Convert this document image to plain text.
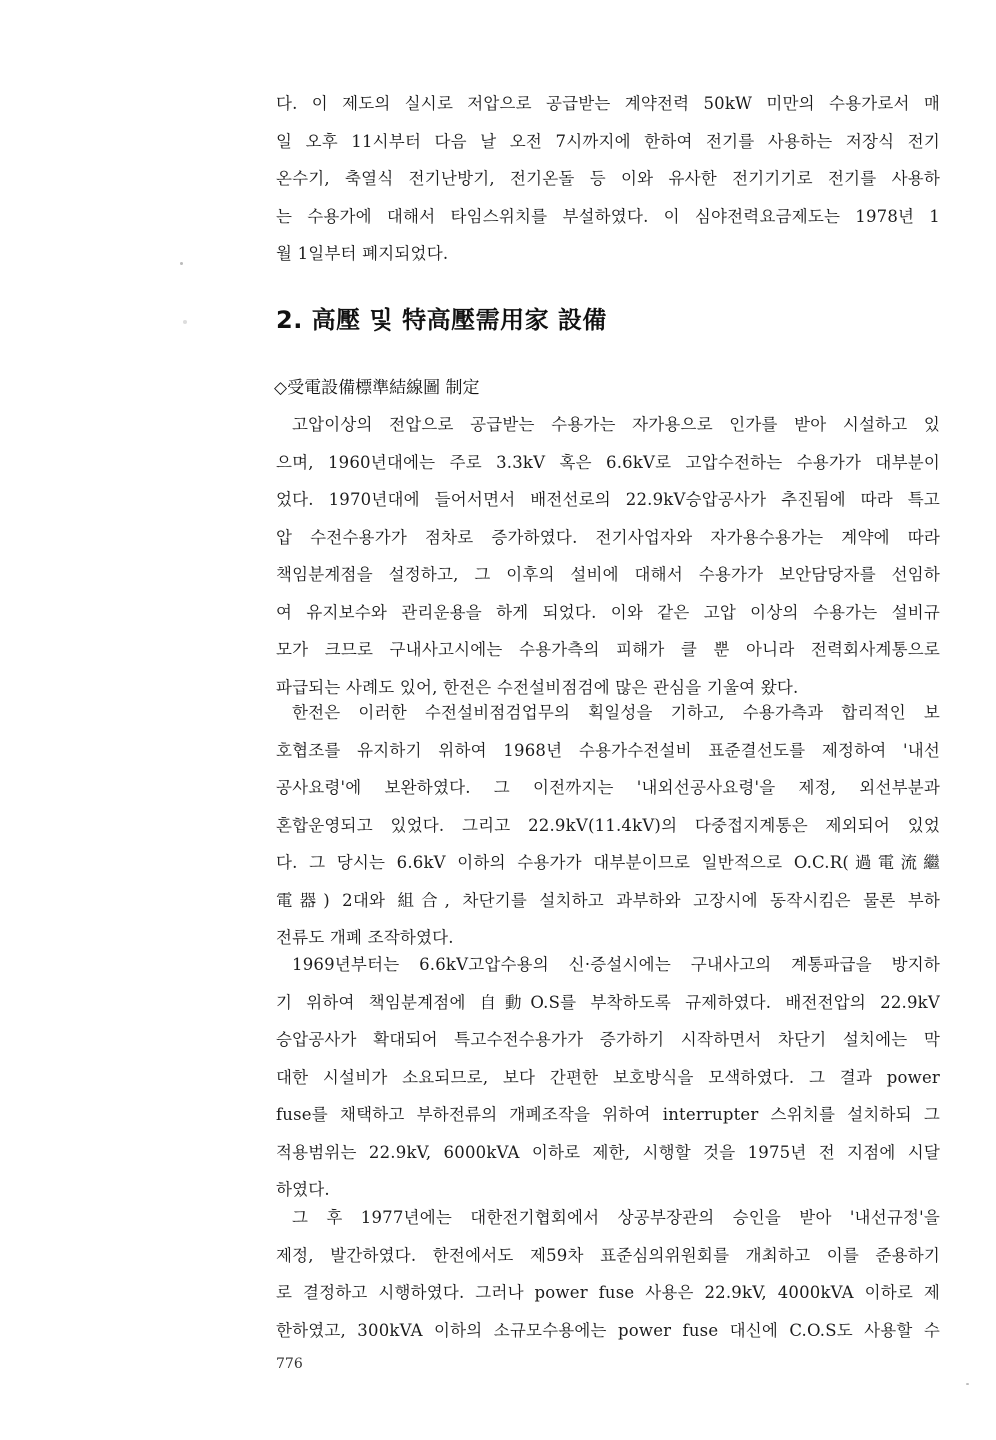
다. 이 제도의 실시로 저압으로 공급받는 계약전력 50kW 미만의 수용가로서 매
일 오후 11시부터 다음 날 오전 7시까지에 한하여 전기를 사용하는 저장식 전기
온수기, 축열식 전기난방기, 전기온돌 등 이와 유사한 전기기기로 전기를 사용하
는 수용가에 대해서 타임스위치를 부설하였다. 이 심야전력요금제도는 1978년 1
월 1일부터 폐지되었다.
2. 高壓 및 特高壓需用家 設備
◇受電設備標準結線圖 制定
고압이상의 전압으로 공급받는 수용가는 자가용으로 인가를 받아 시설하고 있
으며, 1960년대에는 주로 3.3kV 혹은 6.6kV로 고압수전하는 수용가가 대부분이
었다. 1970년대에 들어서면서 배전선로의 22.9kV승압공사가 추진됨에 따라 특고
압 수전수용가가 점차로 증가하였다. 전기사업자와 자가용수용가는 계약에 따라
책임분계점을 설정하고, 그 이후의 설비에 대해서 수용가가 보안담당자를 선임하
여 유지보수와 관리운용을 하게 되었다. 이와 같은 고압 이상의 수용가는 설비규
모가 크므로 구내사고시에는 수용가측의 피해가 클 뿐 아니라 전력회사계통으로
파급되는 사례도 있어, 한전은 수전설비점검에 많은 관심을 기울여 왔다.
한전은 이러한 수전설비점검업무의 획일성을 기하고, 수용가측과 합리적인 보
호협조를 유지하기 위하여 1968년 수용가수전설비 표준결선도를 제정하여 '내선
공사요령'에 보완하였다. 그 이전까지는 '내외선공사요령'을 제정, 외선부분과
혼합운영되고 있었다. 그리고 22.9kV(11.4kV)의 다중접지계통은 제외되어 있었
다. 그 당시는 6.6kV 이하의 수용가가 대부분이므로 일반적으로 O.C.R(過電流繼
電器) 2대와 組合, 차단기를 설치하고 과부하와 고장시에 동작시킴은 물론 부하
전류도 개폐 조작하였다.
1969년부터는 6.6kV고압수용의 신·증설시에는 구내사고의 계통파급을 방지하
기 위하여 책임분계점에 自動O.S를 부착하도록 규제하였다. 배전전압의 22.9kV
승압공사가 확대되어 특고수전수용가가 증가하기 시작하면서 차단기 설치에는 막
대한 시설비가 소요되므로, 보다 간편한 보호방식을 모색하였다. 그 결과 power
fuse를 채택하고 부하전류의 개폐조작을 위하여 interrupter 스위치를 설치하되 그
적용범위는 22.9kV, 6000kVA 이하로 제한, 시행할 것을 1975년 전 지점에 시달
하였다.
그 후 1977년에는 대한전기협회에서 상공부장관의 승인을 받아 '내선규정'을
제정, 발간하였다. 한전에서도 제59차 표준심의위원회를 개최하고 이를 준용하기
로 결정하고 시행하였다. 그러나 power fuse 사용은 22.9kV, 4000kVA 이하로 제
한하였고, 300kVA 이하의 소규모수용에는 power fuse 대신에 C.O.S도 사용할 수
776
